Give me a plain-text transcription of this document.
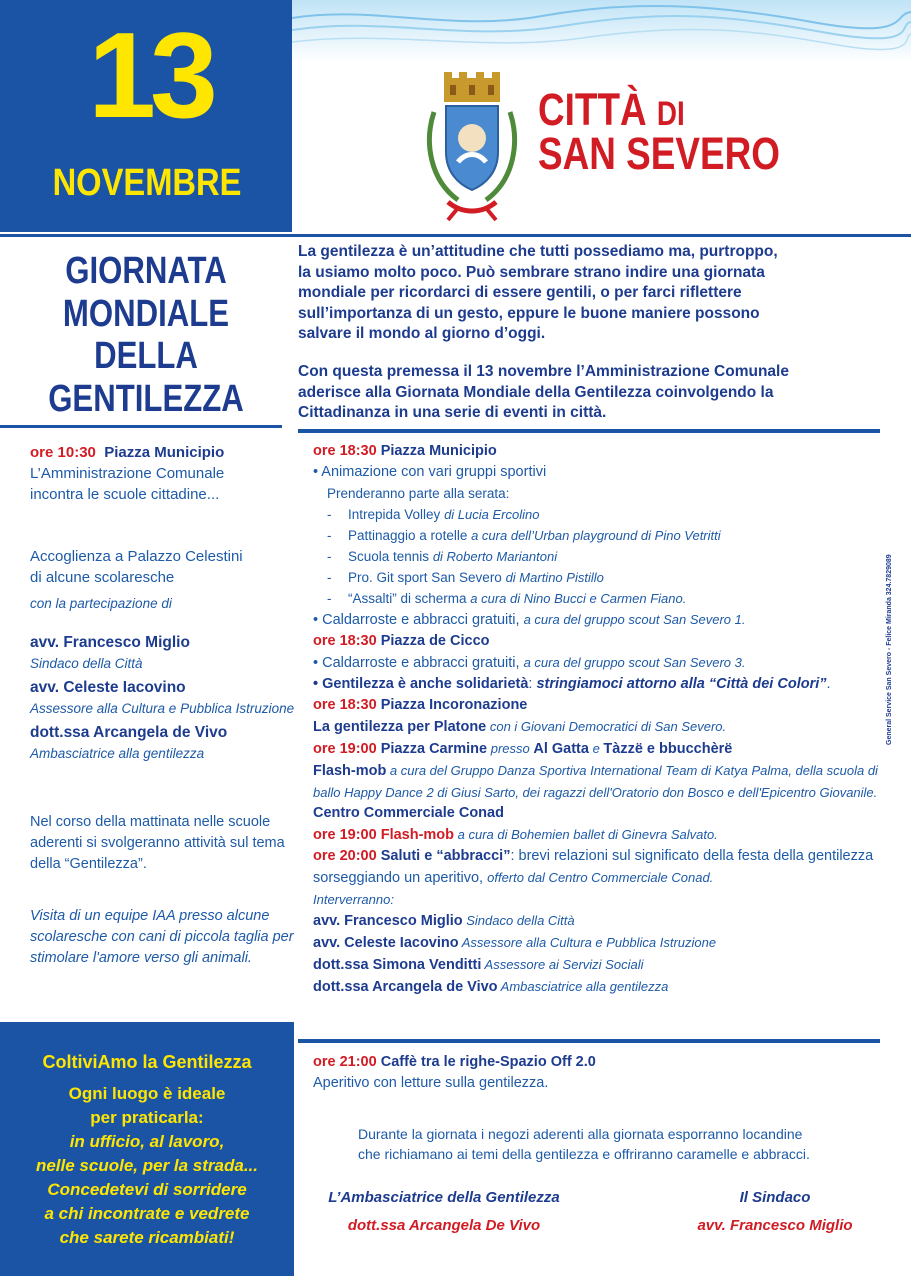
13
NOVEMBRE
CITTÀ DI
SAN SEVERO
GIORNATA
MONDIALE
DELLA
GENTILEZZA
La gentilezza è un’attitudine che tutti possediamo ma, purtroppo,
la usiamo molto poco. Può sembrare strano indire una giornata
mondiale per ricordarci di essere gentili, o per farci riflettere
sull’importanza di un gesto, eppure le buone maniere possono
salvare il mondo al giorno d’oggi.
Con questa premessa il 13 novembre l’Amministrazione Comunale
aderisce alla Giornata Mondiale della Gentilezza coinvolgendo la
Cittadinanza in una serie di eventi in città.
ore 10:30 Piazza Municipio
L’Amministrazione Comunale
incontra le scuole cittadine...
Accoglienza a Palazzo Celestini
di alcune scolaresche
con la partecipazione di
avv. Francesco Miglio
Sindaco della Città
avv. Celeste Iacovino
Assessore alla Cultura e Pubblica Istruzione
dott.ssa Arcangela de Vivo
Ambasciatrice alla gentilezza
Nel corso della mattinata nelle scuole
aderenti si svolgeranno attività sul tema
della “Gentilezza”.
Visita di un equipe IAA presso alcune
scolaresche con cani di piccola taglia per
stimolare l'amore verso gli animali.
ore 18:30 Piazza Municipio
• Animazione con vari gruppi sportivi
Prenderanno parte alla serata:
- Intrepida Volley di Lucia Ercolino
- Pattinaggio a rotelle a cura dell’Urban playground di Pino Vetritti
- Scuola tennis di Roberto Mariantoni
- Pro. Git sport San Severo di Martino Pistillo
- “Assalti” di scherma a cura di Nino Bucci e Carmen Fiano.
• Caldarroste e abbracci gratuiti, a cura del gruppo scout San Severo 1.
ore 18:30 Piazza de Cicco
• Caldarroste e abbracci gratuiti, a cura del gruppo scout San Severo 3.
• Gentilezza è anche solidarietà: stringiamoci attorno alla “Città dei Colori”.
ore 18:30 Piazza Incoronazione
La gentilezza per Platone con i Giovani Democratici di San Severo.
ore 19:00 Piazza Carmine presso Al Gatta e Tàzzë e bbucchèrë
Flash-mob a cura del Gruppo Danza Sportiva International Team di Katya Palma, della scuola di
ballo Happy Dance 2 di Giusi Sarto, dei ragazzi dell'Oratorio don Bosco e dell'Epicentro Giovanile.
Centro Commerciale Conad
ore 19:00 Flash-mob a cura di Bohemien ballet di Ginevra Salvato.
ore 20:00 Saluti e “abbracci”: brevi relazioni sul significato della festa della gentilezza
sorseggiando un aperitivo, offerto dal Centro Commerciale Conad.
Interverranno:
avv. Francesco Miglio Sindaco della Città
avv. Celeste Iacovino Assessore alla Cultura e Pubblica Istruzione
dott.ssa Simona Venditti Assessore ai Servizi Sociali
dott.ssa Arcangela de Vivo Ambasciatrice alla gentilezza
ore 21:00 Caffè tra le righe-Spazio Off 2.0
Aperitivo con letture sulla gentilezza.
Durante la giornata i negozi aderenti alla giornata esporranno locandine
che richiamano ai temi della gentilezza e offriranno caramelle e abbracci.
L’Ambasciatrice della Gentilezza
dott.ssa Arcangela De Vivo
Il Sindaco
avv. Francesco Miglio
ColtiviAmo la Gentilezza
Ogni luogo è ideale
per praticarla:
in ufficio, al lavoro,
nelle scuole, per la strada...
Concedetevi di sorridere
a chi incontrate e vedrete
che sarete ricambiati!
General Service San Severo - Felice Miranda 324.7829089
